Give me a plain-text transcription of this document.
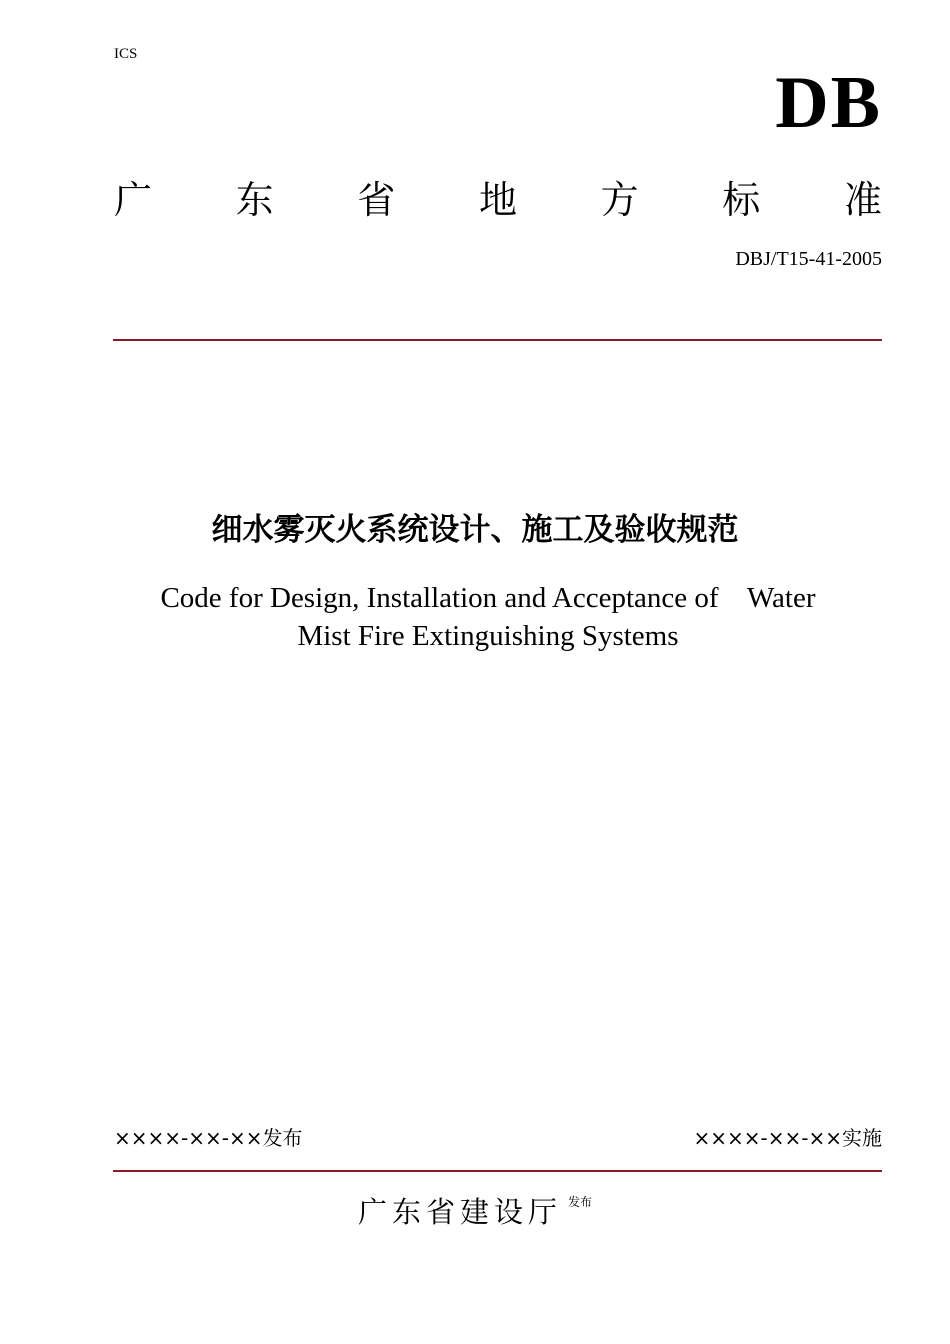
ICS
DB
广 东 省 地 方 标 准
DBJ/T15-41-2005
细水雾灭火系统设计、施工及验收规范
Code for Design, Installation and Acceptance of    Water
Mist Fire Extinguishing Systems
××××-××-××发布	××××-××-××实施
广东省建设厅 $^{发布}$
